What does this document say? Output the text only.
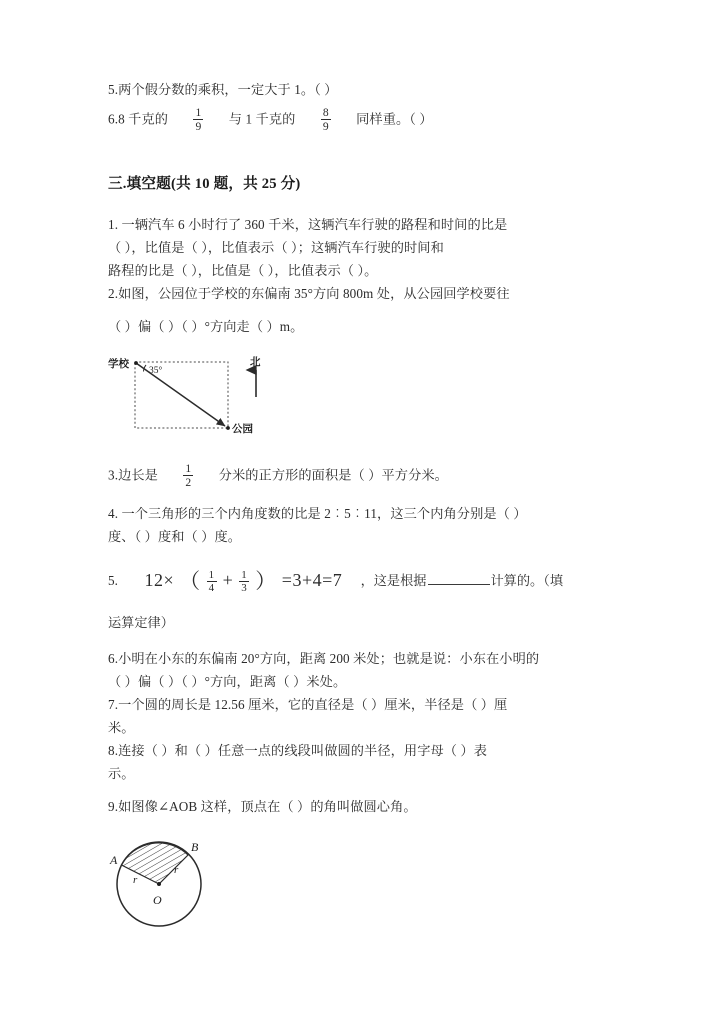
5.两个假分数的乘积，一定大于 1。（ ）
6.8 千克的 $\frac{1}{9}$ 与 1 千克的 $\frac{8}{9}$ 同样重。（ ）
三.填空题(共 10 题，共 25 分)
1. 一辆汽车 6 小时行了 360 千米，这辆汽车行驶的路程和时间的比是
（ ），比值是（ ），比值表示（ ）；这辆汽车行驶的时间和
路程的比是（ ），比值是（ ），比值表示（ ）。
2.如图，公园位于学校的东偏南 35°方向 800m 处，从公园回学校要往
（ ）偏（ ）（ ）°方向走（ ）m。
35°
学校
公园
北
3.边长是 $\frac{1}{2}$ 分米的正方形的面积是（ ）平方分米。
4. 一个三角形的三个内角度数的比是 2︰5︰11，这三个内角分别是（ ）
度、（ ）度和（ ）度。
5. 12× （ $\frac{1}{4} + \frac{1}{3}$ ） =3+4=7 ，这是根据	计算的。（填
运算定律）
6.小明在小东的东偏南 20°方向，距离 200 米处；也就是说：小东在小明的
（ ）偏（ ）（ ）°方向，距离（ ）米处。
7.一个圆的周长是 12.56 厘米，它的直径是（ ）厘米，半径是（ ）厘
米。
8.连接（ ）和（ ）任意一点的线段叫做圆的半径，用字母（ ）表
示。
9.如图像∠AOB 这样，顶点在（ ）的角叫做圆心角。
A
B
O
r
r
